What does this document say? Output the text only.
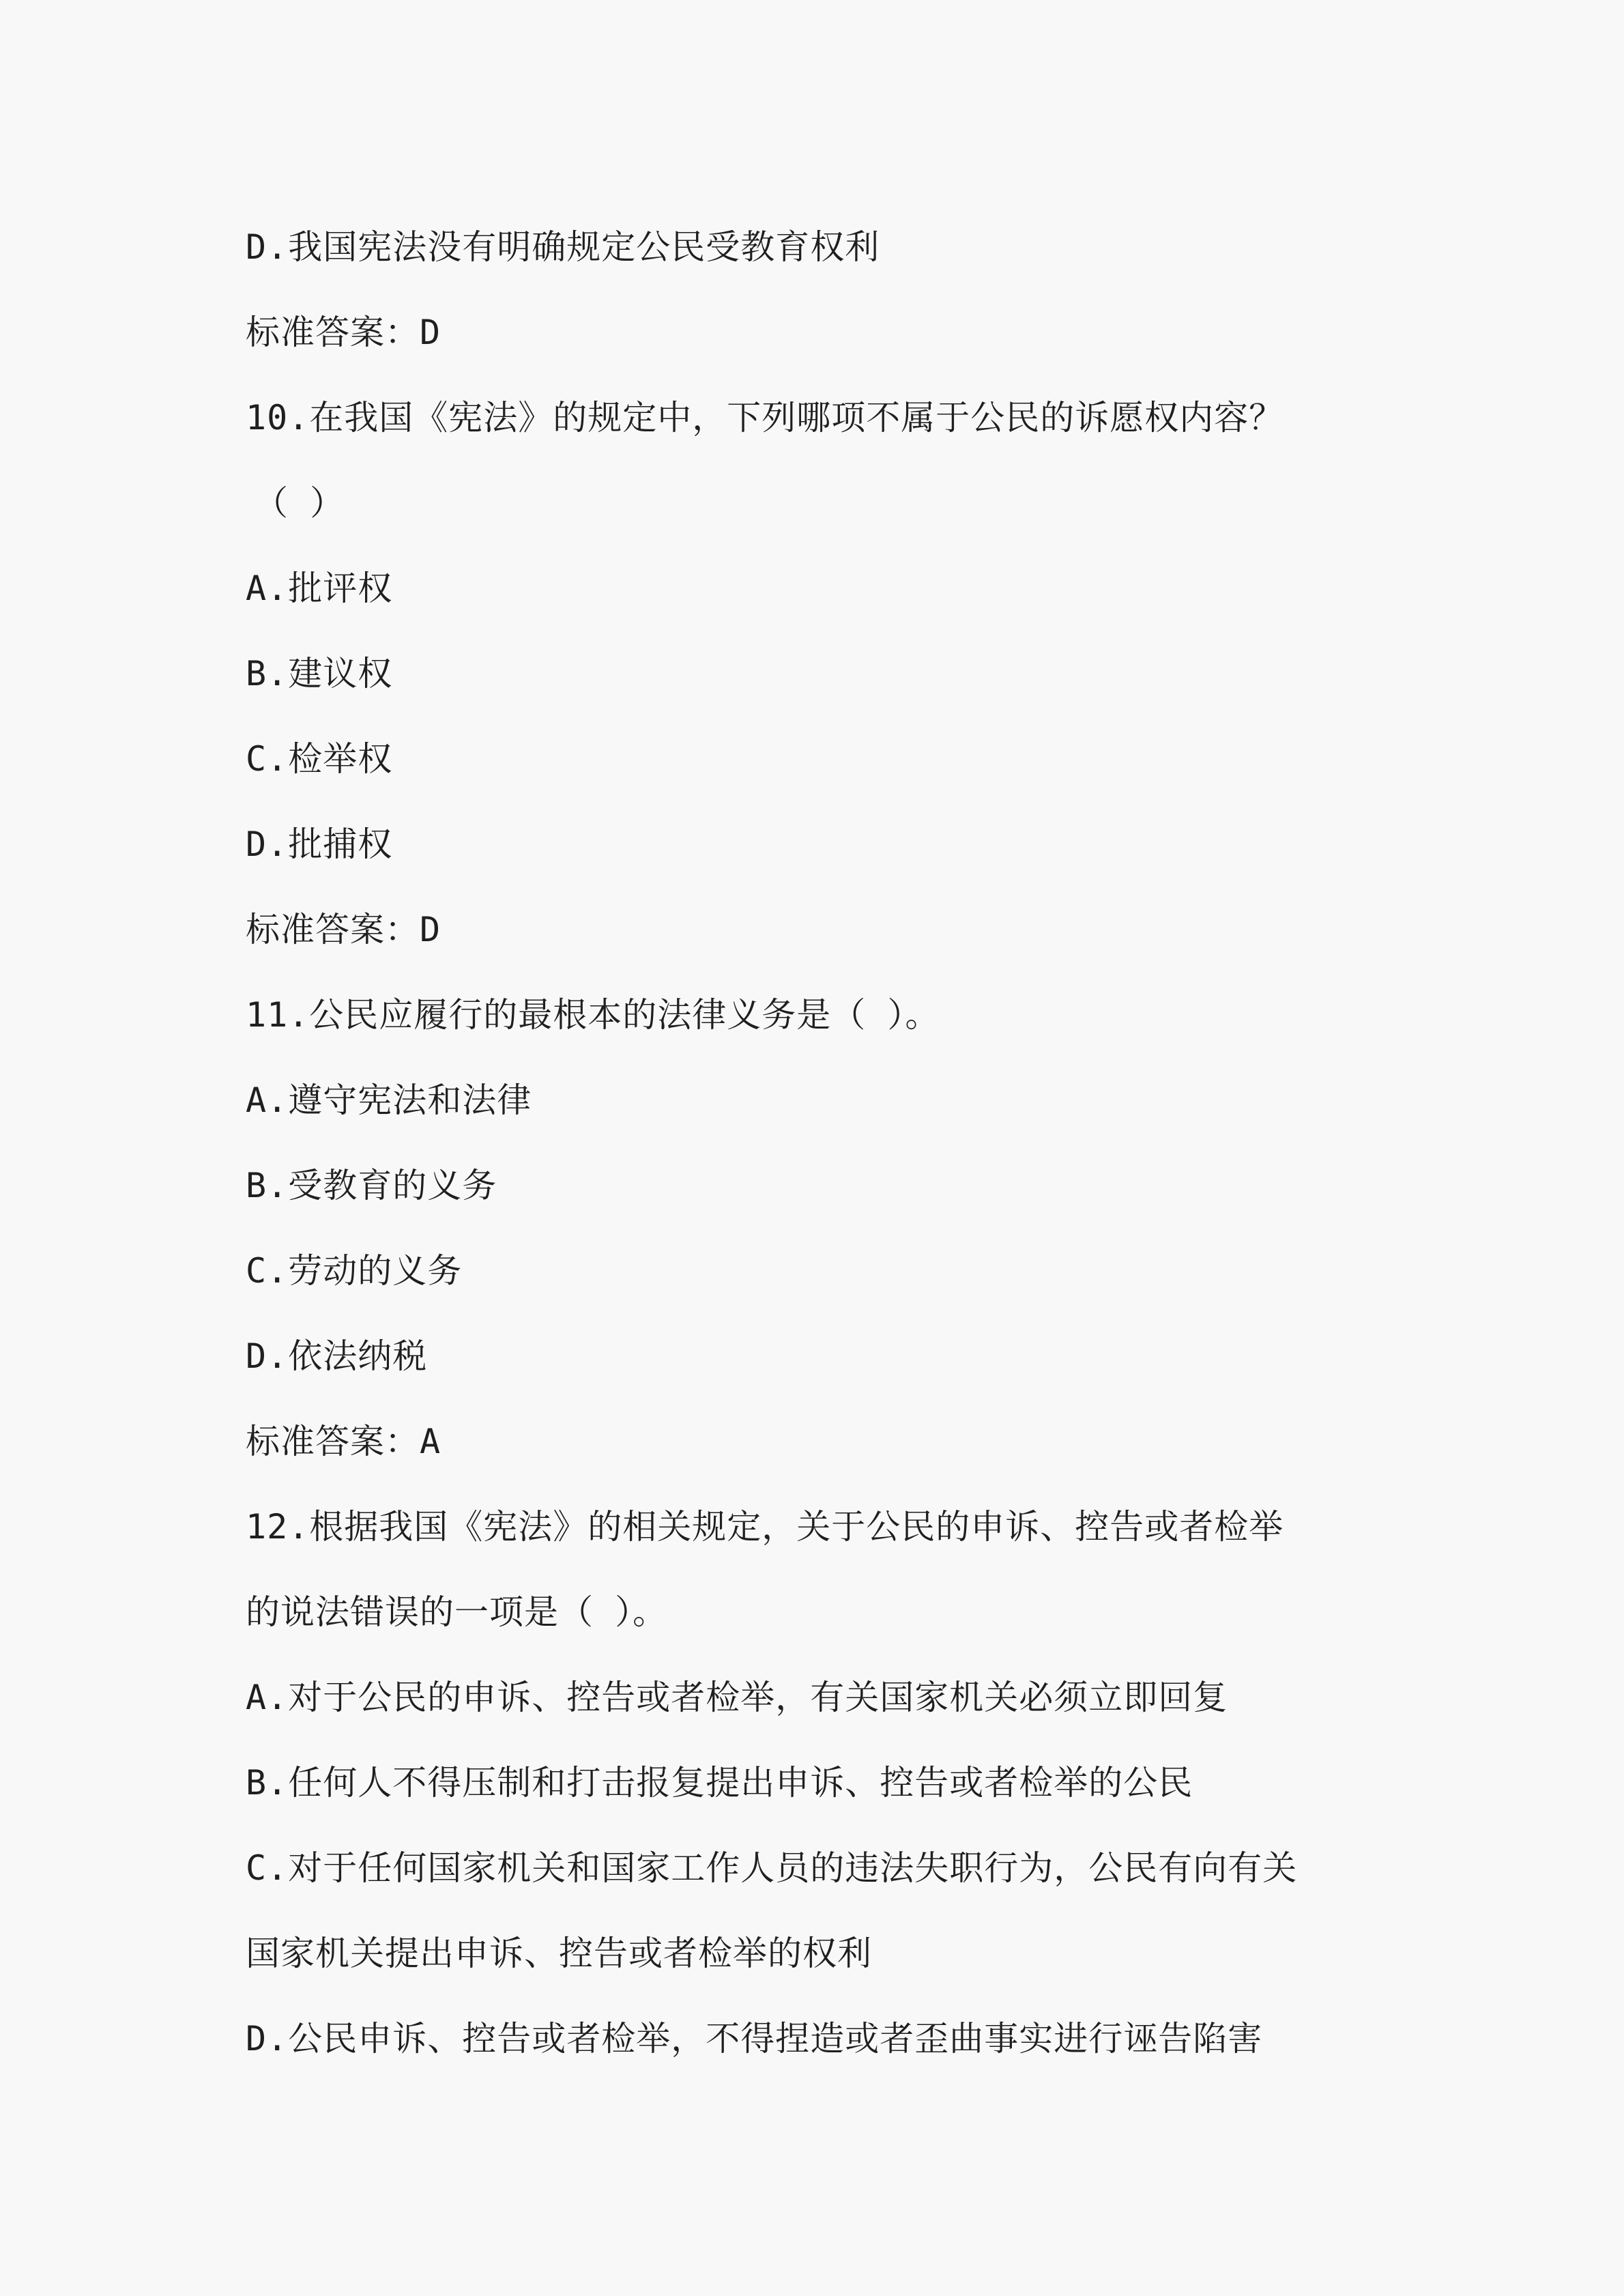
D.我国宪法没有明确规定公民受教育权利
标准答案：D
10.在我国《宪法》的规定中，下列哪项不属于公民的诉愿权内容？
（ ）
A.批评权
B.建议权
C.检举权
D.批捕权
标准答案：D
11.公民应履行的最根本的法律义务是（ ）。
A.遵守宪法和法律
B.受教育的义务
C.劳动的义务
D.依法纳税
标准答案：A
12.根据我国《宪法》的相关规定，关于公民的申诉、控告或者检举
的说法错误的一项是（ ）。
A.对于公民的申诉、控告或者检举，有关国家机关必须立即回复
B.任何人不得压制和打击报复提出申诉、控告或者检举的公民
C.对于任何国家机关和国家工作人员的违法失职行为，公民有向有关
国家机关提出申诉、控告或者检举的权利
D.公民申诉、控告或者检举，不得捏造或者歪曲事实进行诬告陷害
